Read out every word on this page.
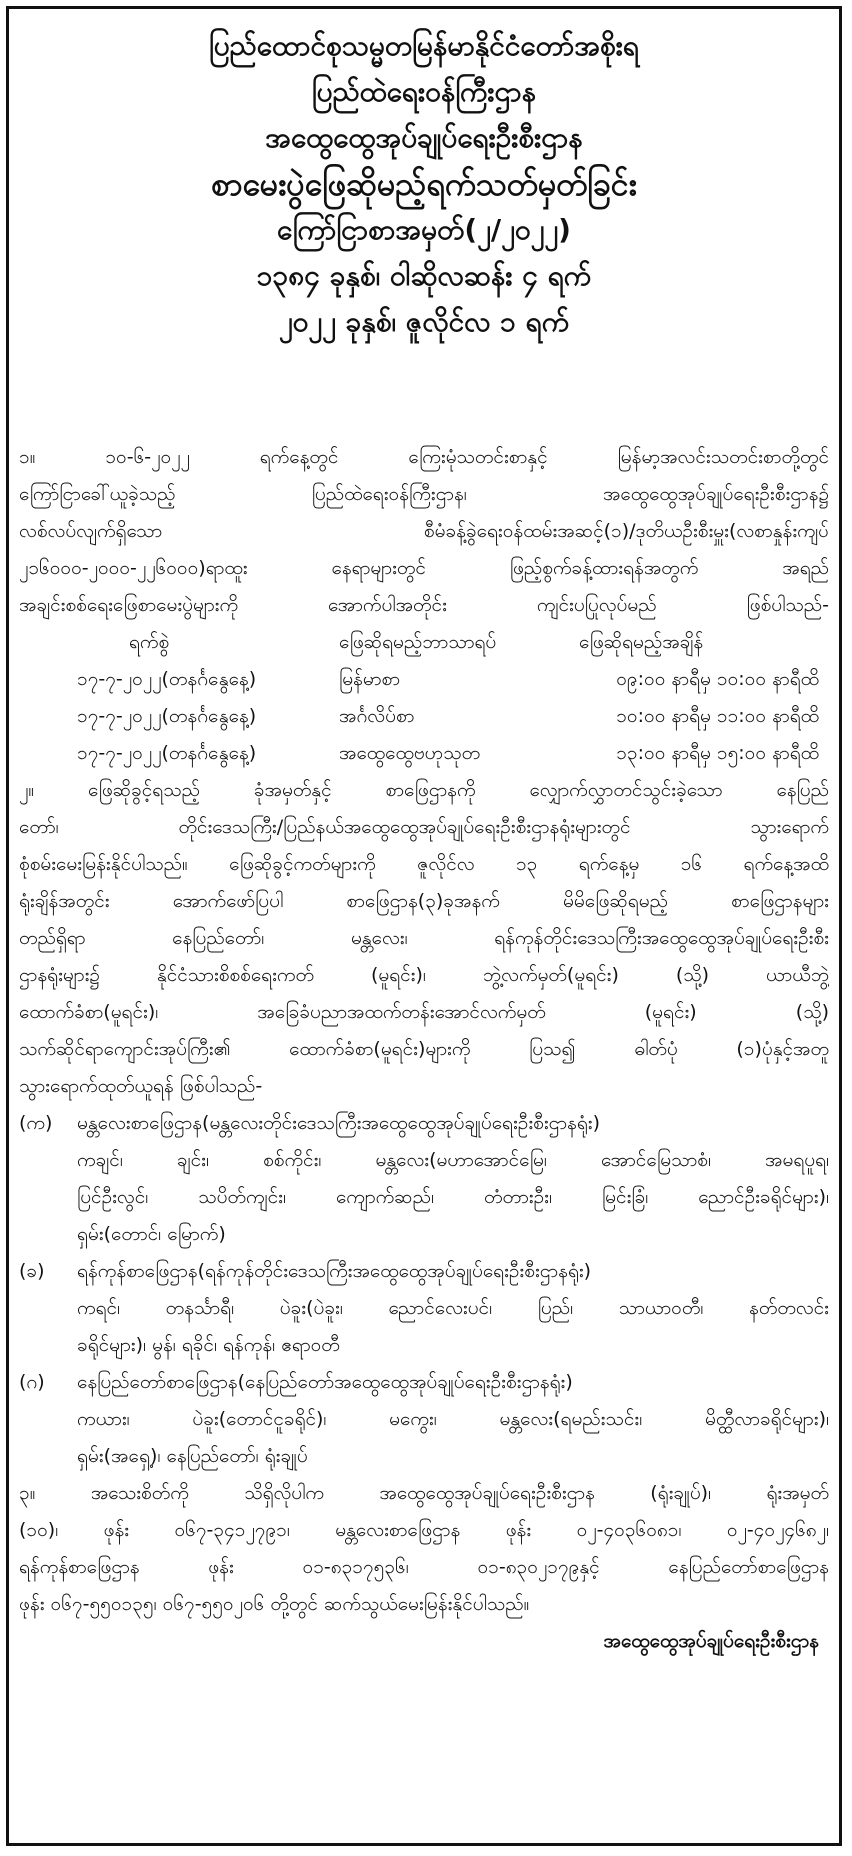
ပြည်ထောင်စုသမ္မတမြန်မာနိုင်ငံတော်အစိုးရ
ပြည်ထဲရေးဝန်ကြီးဌာန
အထွေထွေအုပ်ချုပ်ရေးဦးစီးဌာန
စာမေးပွဲဖြေဆိုမည့်ရက်သတ်မှတ်ခြင်း
ကြော်ငြာစာအမှတ်(၂/၂၀၂၂)
၁၃၈၄ ခုနှစ်၊ ဝါဆိုလဆန်း ၄ ရက်
၂၀၂၂ ခုနှစ်၊ ဇူလိုင်လ ၁ ရက်
၁။ ၁၀-၆-၂၀၂၂ ရက်နေ့တွင် ကြေးမုံသတင်းစာနှင့် မြန်မာ့အလင်းသတင်းစာတို့တွင်
ကြော်ငြာခေါ်ယူခဲ့သည့် ပြည်ထဲရေးဝန်ကြီးဌာန၊ အထွေထွေအုပ်ချုပ်ရေးဦးစီးဌာန၌
လစ်လပ်လျက်ရှိသော စီမံခန့်ခွဲရေးဝန်ထမ်းအဆင့်(၁)/ဒုတိယဦးစီးမှူး(လစာနှုန်းကျပ်
၂၁၆၀၀၀-၂၀၀၀-၂၂၆၀၀၀)ရာထူး နေရာများတွင် ဖြည့်စွက်ခန့်ထားရန်အတွက် အရည်
အချင်းစစ်ရေးဖြေစာမေးပွဲများကို အောက်ပါအတိုင်း ကျင်းပပြုလုပ်မည် ဖြစ်ပါသည်-
ရက်စွဲ	ဖြေဆိုရမည့်ဘာသာရပ်	ဖြေဆိုရမည့်အချိန်
၁၇-၇-၂၀၂၂(တနင်္ဂနွေနေ့)	မြန်မာစာ	၀၉:၀၀ နာရီမှ ၁၀:၀၀ နာရီထိ
၁၇-၇-၂၀၂၂(တနင်္ဂနွေနေ့)	အင်္ဂလိပ်စာ	၁၀:၀၀ နာရီမှ ၁၁:၀၀ နာရီထိ
၁၇-၇-၂၀၂၂(တနင်္ဂနွေနေ့)	အထွေထွေဗဟုသုတ	၁၃:၀၀ နာရီမှ ၁၅:၀၀ နာရီထိ
၂။ ဖြေဆိုခွင့်ရသည့် ခုံအမှတ်နှင့် စာဖြေဌာနကို လျှောက်လွှာတင်သွင်းခဲ့သော နေပြည်
တော်၊ တိုင်းဒေသကြီး/ပြည်နယ်အထွေထွေအုပ်ချုပ်ရေးဦးစီးဌာနရုံးများတွင် သွားရောက်
စုံစမ်းမေးမြန်းနိုင်ပါသည်။ ဖြေဆိုခွင့်ကတ်များကို ဇူလိုင်လ ၁၃ ရက်နေ့မှ ၁၆ ရက်နေ့အထိ
ရုံးချိန်အတွင်း အောက်ဖော်ပြပါ စာဖြေဌာန(၃)ခုအနက် မိမိဖြေဆိုရမည့် စာဖြေဌာနများ
တည်ရှိရာ နေပြည်တော်၊ မန္တလေး၊ ရန်ကုန်တိုင်းဒေသကြီးအထွေထွေအုပ်ချုပ်ရေးဦးစီး
ဌာနရုံးများ၌ နိုင်ငံသားစိစစ်ရေးကတ် (မူရင်း)၊ ဘွဲ့လက်မှတ်(မူရင်း) (သို့) ယာယီဘွဲ့
ထောက်ခံစာ(မူရင်း)၊ အခြေခံပညာအထက်တန်းအောင်လက်မှတ် (မူရင်း) (သို့)
သက်ဆိုင်ရာကျောင်းအုပ်ကြီး၏ ထောက်ခံစာ(မူရင်း)များကို ပြသ၍ ဓါတ်ပုံ (၁)ပုံနှင့်အတူ
သွားရောက်ထုတ်ယူရန် ဖြစ်ပါသည်-
(က)	မန္တလေးစာဖြေဌာန(မန္တလေးတိုင်းဒေသကြီးအထွေထွေအုပ်ချုပ်ရေးဦးစီးဌာနရုံး)
ကချင်၊ ချင်း၊ စစ်ကိုင်း၊ မန္တလေး(မဟာအောင်မြေ၊ အောင်မြေသာစံ၊ အမရပူရ၊
ပြင်ဦးလွင်၊ သပိတ်ကျင်း၊ ကျောက်ဆည်၊ တံတားဦး၊ မြင်းခြံ၊ ညောင်ဦးခရိုင်များ)၊
ရှမ်း(တောင်၊ မြောက်)
(ခ)	ရန်ကုန်စာဖြေဌာန(ရန်ကုန်တိုင်းဒေသကြီးအထွေထွေအုပ်ချုပ်ရေးဦးစီးဌာနရုံး)
ကရင်၊ တနင်္သာရီ၊ ပဲခူး(ပဲခူး၊ ညောင်လေးပင်၊ ပြည်၊ သာယာဝတီ၊ နတ်တလင်း
ခရိုင်များ)၊ မွန်၊ ရခိုင်၊ ရန်ကုန်၊ ဧရာဝတီ
(ဂ)	နေပြည်တော်စာဖြေဌာန(နေပြည်တော်အထွေထွေအုပ်ချုပ်ရေးဦးစီးဌာနရုံး)
ကယား၊ ပဲခူး(တောင်ငူခရိုင်)၊ မကွေး၊ မန္တလေး(ရမည်းသင်း၊ မိတ္ထီလာခရိုင်များ)၊
ရှမ်း(အရှေ့)၊ နေပြည်တော်၊ ရုံးချုပ်
၃။ အသေးစိတ်ကို သိရှိလိုပါက အထွေထွေအုပ်ချုပ်ရေးဦးစီးဌာန (ရုံးချုပ်)၊ ရုံးအမှတ်
(၁၀)၊ ဖုန်း ၀၆၇-၃၄၁၂၇၉၁၊ မန္တလေးစာဖြေဌာန ဖုန်း ၀၂-၄၀၃၆၀၈၁၊ ၀၂-၄၀၂၄၆၈၂၊
ရန်ကုန်စာဖြေဌာန ဖုန်း ၀၁-၈၃၁၇၅၃၆၊ ၀၁-၈၃၀၂၁၇၉နှင့် နေပြည်တော်စာဖြေဌာန
ဖုန်း ၀၆၇-၅၅၀၁၃၅၊ ၀၆၇-၅၅၀၂၀၆ တို့တွင် ဆက်သွယ်မေးမြန်းနိုင်ပါသည်။
အထွေထွေအုပ်ချုပ်ရေးဦးစီးဌာန
